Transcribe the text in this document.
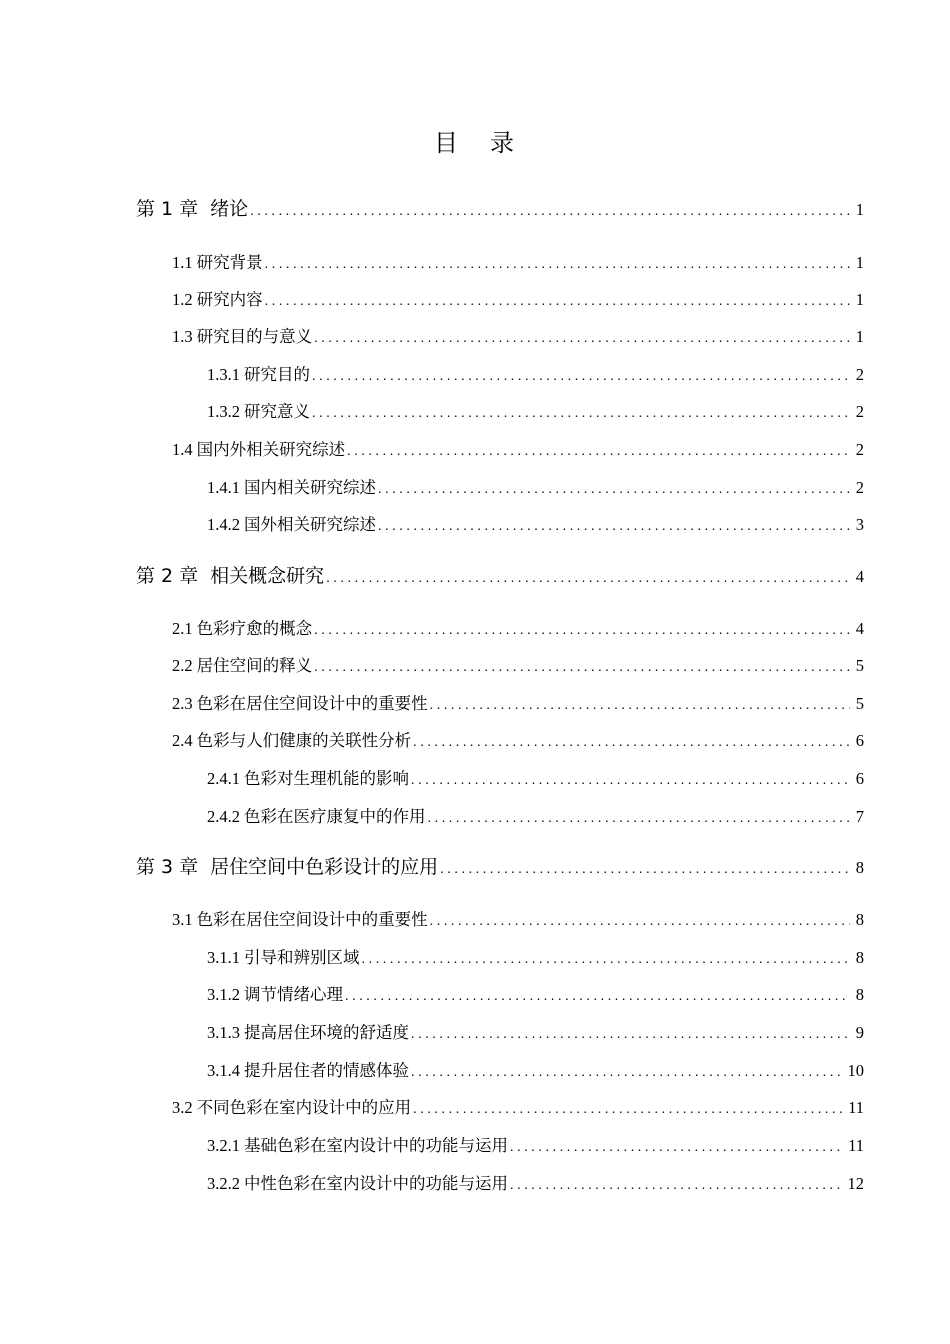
目 录
第 1 章 绪论 .....	1
1.1 研究背景 .....	1
1.2 研究内容 .....	1
1.3 研究目的与意义 .....	1
1.3.1 研究目的 .....	2
1.3.2 研究意义 .....	2
1.4 国内外相关研究综述 .....	2
1.4.1 国内相关研究综述 .....	2
1.4.2 国外相关研究综述 .....	3
第 2 章 相关概念研究 .....	4
2.1 色彩疗愈的概念 .....	4
2.2 居住空间的释义 .....	5
2.3 色彩在居住空间设计中的重要性 .....	5
2.4 色彩与人们健康的关联性分析 .....	6
2.4.1 色彩对生理机能的影响 .....	6
2.4.2 色彩在医疗康复中的作用 .....	7
第 3 章 居住空间中色彩设计的应用 .....	8
3.1 色彩在居住空间设计中的重要性 .....	8
3.1.1 引导和辨别区域 .....	8
3.1.2 调节情绪心理 .....	8
3.1.3 提高居住环境的舒适度 .....	9
3.1.4 提升居住者的情感体验 .....	10
3.2 不同色彩在室内设计中的应用 .....	11
3.2.1 基础色彩在室内设计中的功能与运用 .....	11
3.2.2 中性色彩在室内设计中的功能与运用 .....	12
